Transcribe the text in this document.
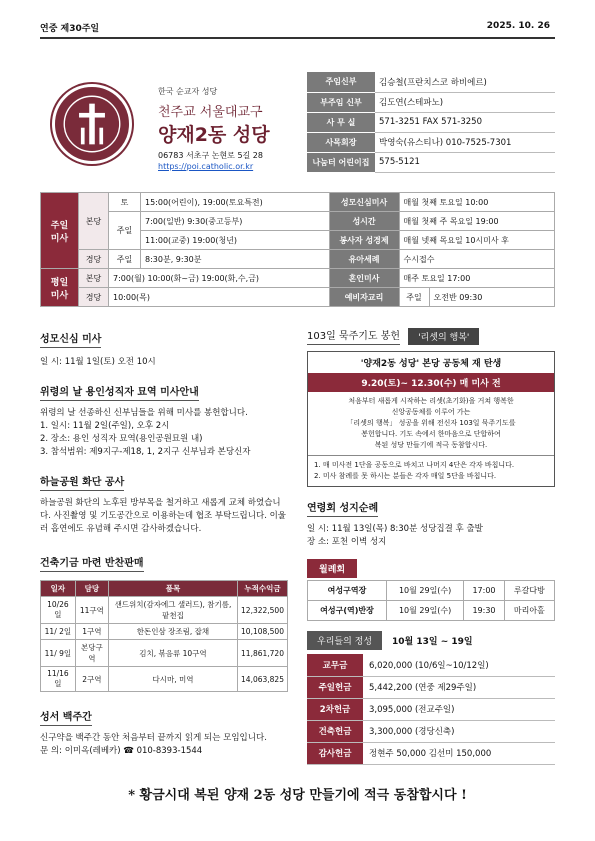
연중 제30주일	2025. 10. 26
한국 순교자 성당
천주교 서울대교구
양재2동 성당
06783 서초구 논현로 5길 28
https://poi.catholic.or.kr
주임신부	김승철(프란치스코 하비에르)
부주임 신부	김도연(스테파노)
사 무 실	571-3251 FAX 571-3250
사목회장	박영숙(유스티나) 010-7525-7301
나눔터 어린이집	575-5121
주일 미사	본당	토	15:00(어린이), 19:00(토요특전)	성모신심미사	매월 첫째 토요일 10:00	
		주일	7:00(일반) 9:30(중고등부)	성시간	매월 첫째 주 목요일 19:00	
			11:00(교중) 19:00(청년)	봉사자 성경제	매월 넷째 목요일 10시미사 후	
	경당	주일	8:30분, 9:30분	유아세례	수시접수	
평일 미사	본당	7:00(월) 10:00(화~금) 19:00(화,수,금)		혼인미사	매주 토요일 17:00	
	경당	10:00(목)		예비자교리	주일	오전반 09:30
성모신심 미사
일 시: 11월 1일(토) 오전 10시
위령의 날 용인성직자 묘역 미사안내
위령의 날 선종하신 신부님들을 위해 미사를 봉헌합니다.
1. 일시: 11월 2일(주일), 오후 2시
2. 장소: 용인 성직자 묘역(용인공원묘원 내)
3. 참석범위: 제9지구-제18, 1, 2지구 신부님과 본당신자
하늘공원 화단 공사
하늘공원 화단의 노후된 방부목을 철거하고 새롭게 교체 하였습니다. 사진촬영 및 기도공간으로 이용하는데 협조 부탁드립니다. 이울러 흡연에도 유념해 주시면 감사하겠습니다.
건축기금 마련 반찬판매
일자	담당	품목	누적수익금
10/26일	11구역	샌드위치(감자에그 샐러드), 참기름, 팥천집	12,322,500
11/ 2일	1구역	한돈인삼 장조림, 잡채	10,108,500
11/ 9일	본당구역	김치, 볶음류 10구역	11,861,720
11/16일	2구역	다시마, 미역	14,063,825
성서 백주간
신구약을 백주간 동안 처음부터 끝까지 읽게 되는 모임입니다.
문 의: 이미옥(레베카) ☎ 010-8393-1544
103일 묵주기도 봉헌	'리셋의 행복'
'양재2동 성당' 본당 공동체 재 탄생
9.20(토)~ 12.30(수) 매 미사 전
처음부터 새롭게 시작하는 리셋(초기화)을 거쳐 행복한
신앙공동체를 이루어 가는
「리셋의 행복」 성공을 위해 전신자 103일 묵주기도를
봉헌합니다. 기도 속에서 한마음으로 단합하여
복된 성당 만들기에 적극 동참합시다.
1. 매 미사전 1단을 공동으로 바치고 나머지 4단은 각자 바칩니다.
2. 미사 참례를 못 하시는 분들은 각자 매일 5단을 바칩니다.
연령회 성지순례
일 시: 11월 13일(목) 8:30분 성당집결 후 출발
장 소: 포천 이벽 성지
월례회
여성구역장	10월 29일(수)	17:00	루갈다방
여성구(역)반장	10월 29일(수)	19:30	마리아홀
우리들의 정성	10월 13일 ~ 19일
교무금	6,020,000 (10/6일~10/12일)
주일헌금	5,442,200 (연중 제29주일)
2차헌금	3,095,000 (전교주일)
건축헌금	3,300,000 (경당신축)
감사헌금	정현주 50,000 김선미 150,000
* 황금시대 복된 양재 2동 성당 만들기에 적극 동참합시다 !
